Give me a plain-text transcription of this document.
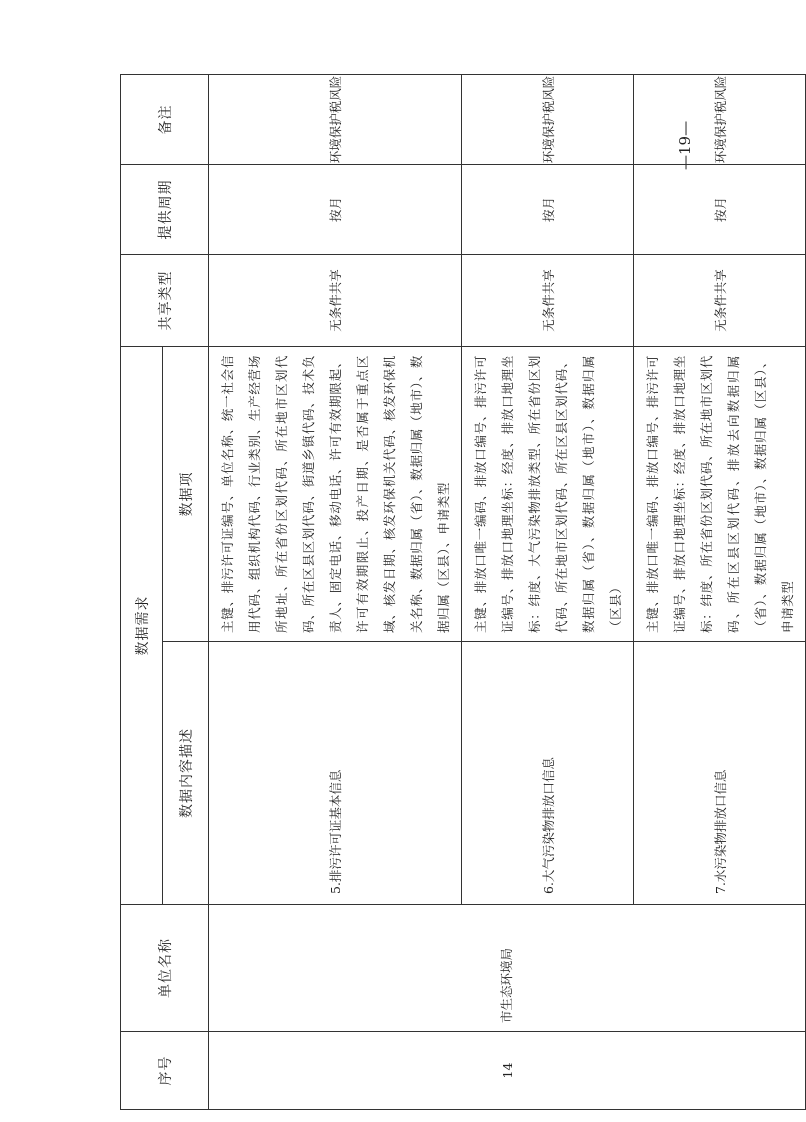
—19—
序号	单位名称	数据需求		共享类型	提供周期	备注
		数据内容描述	数据项			
14	市生态环境局	5.排污许可证基本信息	主键、排污许可证编号、单位名称、统一社会信用代码、组织机构代码、行业类别、生产经营场所地址、所在省份区划代码、所在地市区划代码、所在区县区划代码、街道乡镇代码、技术负责人、固定电话、移动电话、许可有效期限起、许可有效期限止、投产日期、是否属于重点区域、核发日期、核发环保机关代码、核发环保机关名称、数据归属（省）、数据归属（地市）、数据归属（区县）、申请类型	无条件共享	按月	环境保护税风险
		6.大气污染物排放口信息	主键、排放口唯一编码、排放口编号、排污许可证编号、排放口地理坐标：经度、排放口地理坐标：纬度、大气污染物排放类型、所在省份区划代码、所在地市区划代码、所在区县区划代码、数据归属（省）、数据归属（地市）、数据归属（区县）	无条件共享	按月	环境保护税风险
		7.水污染物排放口信息	主键、排放口唯一编码、排放口编号、排污许可证编号、排放口地理坐标：经度、排放口地理坐标：纬度、所在省份区划代码、所在地市区划代码、所在区县区划代码、排放去向数据归属（省）、数据归属（地市）、数据归属（区县）、申请类型	无条件共享	按月	环境保护税风险
